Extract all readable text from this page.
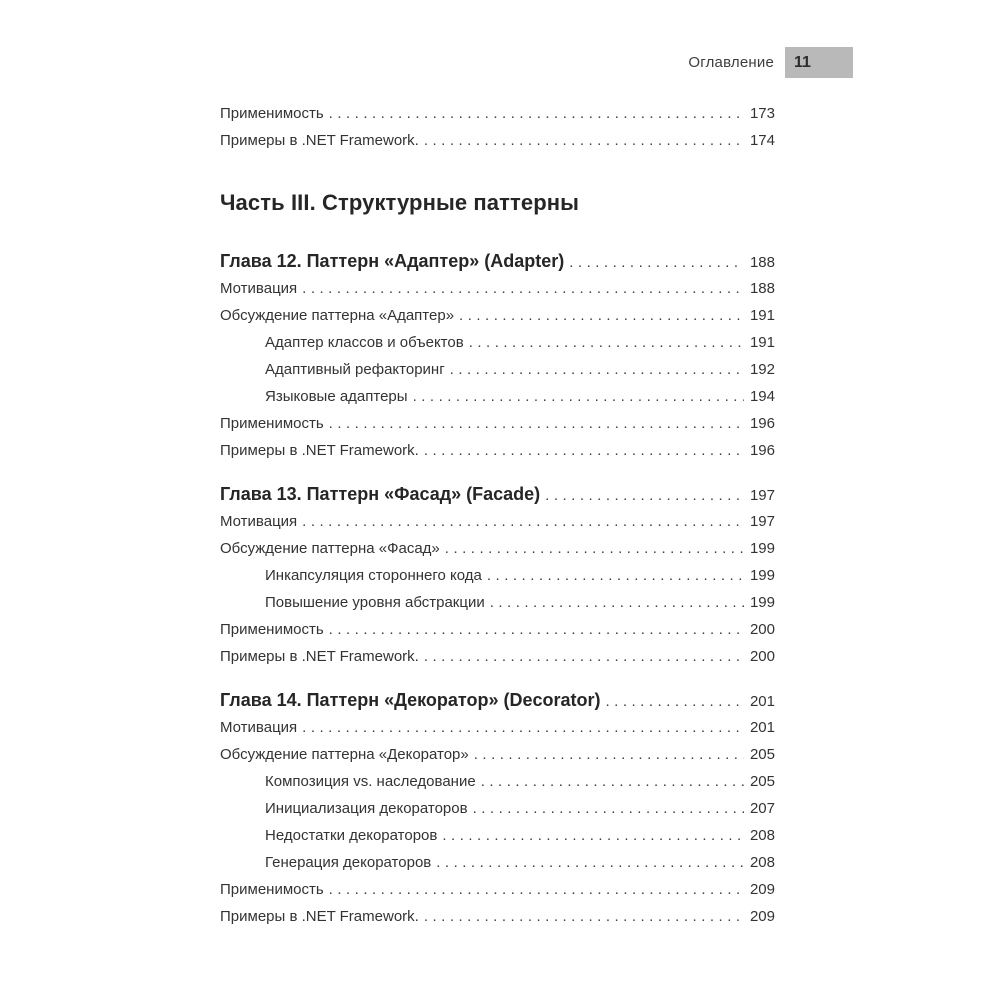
Оглавление	11
Применимость .....	173
Примеры в .NET Framework. .....	174
Часть III. Структурные паттерны
Глава 12. Паттерн «Адаптер» (Adapter) .....	188
Мотивация .....	188
Обсуждение паттерна «Адаптер» .....	191
Адаптер классов и объектов .....	191
Адаптивный рефакторинг .....	192
Языковые адаптеры .....	194
Применимость .....	196
Примеры в .NET Framework. .....	196
Глава 13. Паттерн «Фасад» (Facade) .....	197
Мотивация .....	197
Обсуждение паттерна «Фасад» .....	199
Инкапсуляция стороннего кода .....	199
Повышение уровня абстракции .....	199
Применимость .....	200
Примеры в .NET Framework. .....	200
Глава 14. Паттерн «Декоратор» (Decorator) .....	201
Мотивация .....	201
Обсуждение паттерна «Декоратор» .....	205
Композиция vs. наследование .....	205
Инициализация декораторов .....	207
Недостатки декораторов .....	208
Генерация декораторов .....	208
Применимость .....	209
Примеры в .NET Framework. .....	209
